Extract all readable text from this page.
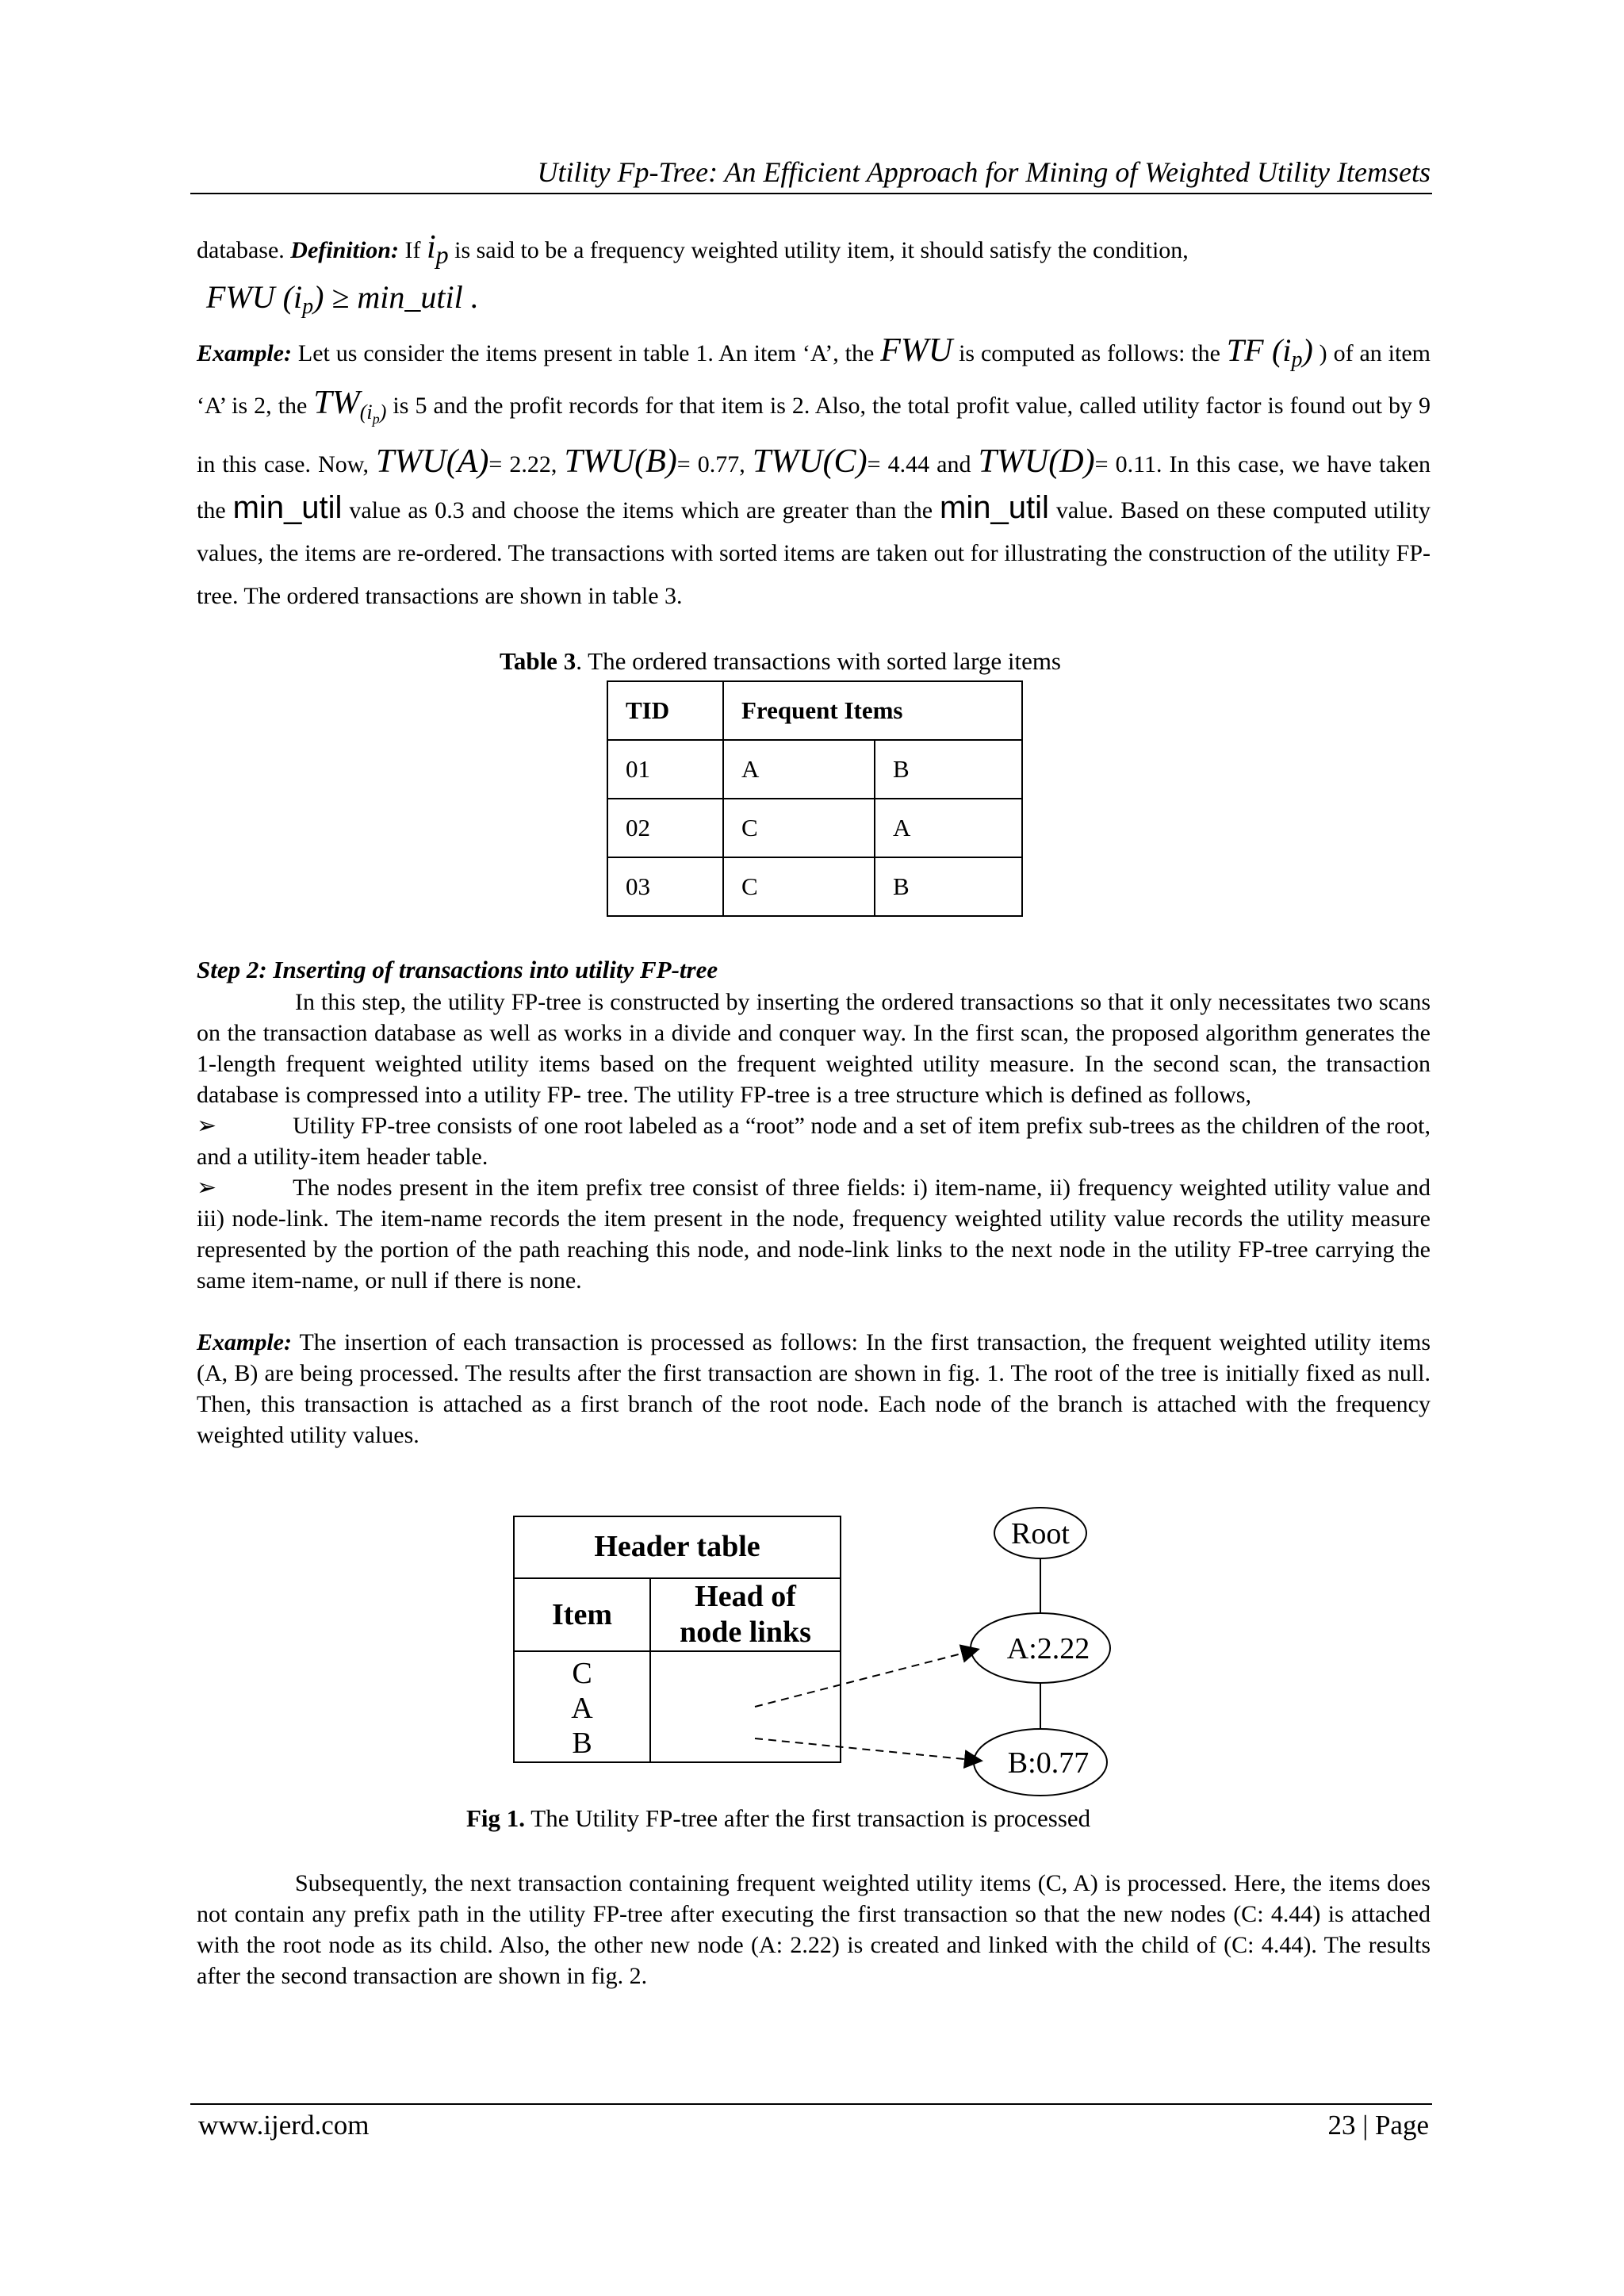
Utility Fp-Tree: An Efficient Approach for Mining of Weighted Utility Itemsets
database. Definition: If $i_p$ is said to be a frequency weighted utility item, it should satisfy the condition,
FWU $(i_p)$ ≥ min_util .
Example: Let us consider the items present in table 1. An item ‘A’, the FWU is computed as follows: the TF $(i_p)$ ) of an item ‘A’ is 2, the $TW_{(i_p)}$ is 5 and the profit records for that item is 2. Also, the total profit value, called utility factor is found out by 9 in this case. Now, TWU(A)= 2.22, TWU(B)= 0.77, TWU(C)= 4.44 and TWU(D)= 0.11. In this case, we have taken the min_util value as 0.3 and choose the items which are greater than the min_util value. Based on these computed utility values, the items are re-ordered. The transactions with sorted items are taken out for illustrating the construction of the utility FP-tree. The ordered transactions are shown in table 3.
Table 3. The ordered transactions with sorted large items
TID	Frequent Items	
01	A	B
02	C	A
03	C	B
Step 2: Inserting of transactions into utility FP-tree
In this step, the utility FP-tree is constructed by inserting the ordered transactions so that it only necessitates two scans on the transaction database as well as works in a divide and conquer way. In the first scan, the proposed algorithm generates the 1-length frequent weighted utility items based on the frequent weighted utility measure. In the second scan, the transaction database is compressed into a utility FP- tree. The utility FP-tree is a tree structure which is defined as follows,
➢	Utility FP-tree consists of one root labeled as a “root” node and a set of item prefix sub-trees as the children of the root, and a utility-item header table.
➢	The nodes present in the item prefix tree consist of three fields: i) item-name, ii) frequency weighted utility value and iii) node-link. The item-name records the item present in the node, frequency weighted utility value records the utility measure represented by the portion of the path reaching this node, and node-link links to the next node in the utility FP-tree carrying the same item-name, or null if there is none.
Example: The insertion of each transaction is processed as follows: In the first transaction, the frequent weighted utility items (A, B) are being processed. The results after the first transaction are shown in fig. 1. The root of the tree is initially fixed as null. Then, this transaction is attached as a first branch of the root node. Each node of the branch is attached with the frequency weighted utility values.
Header table
Item
Head of
node links
C
A
B
Root
A:2.22
B:0.77
Fig 1. The Utility FP-tree after the first transaction is processed
Subsequently, the next transaction containing frequent weighted utility items (C, A) is processed. Here, the items does not contain any prefix path in the utility FP-tree after executing the first transaction so that the new nodes (C: 4.44) is attached with the root node as its child. Also, the other new node (A: 2.22) is created and linked with the child of (C: 4.44). The results after the second transaction are shown in fig. 2.
www.ijerd.com	23 | Page
